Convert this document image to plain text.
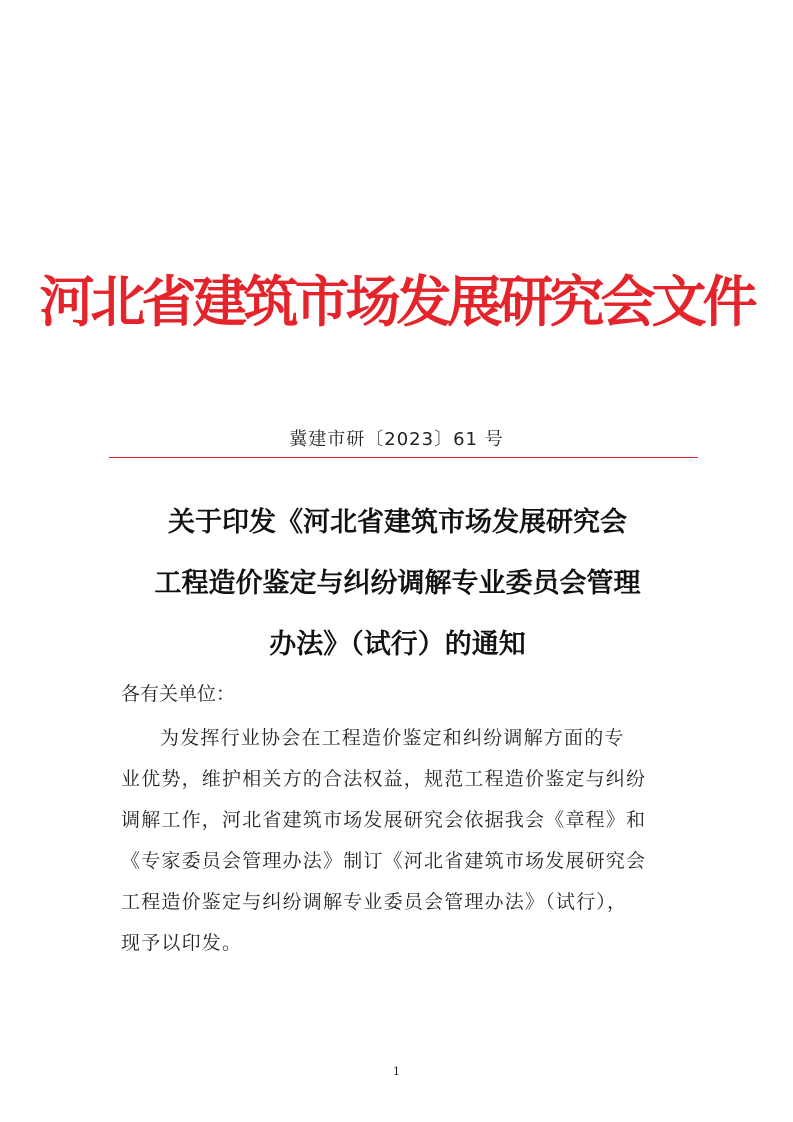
河北省建筑市场发展研究会文件
冀建市研〔2023〕61 号
关于印发《河北省建筑市场发展研究会
工程造价鉴定与纠纷调解专业委员会管理
办法》（试行）的通知
各有关单位：
为发挥行业协会在工程造价鉴定和纠纷调解方面的专
业优势，维护相关方的合法权益，规范工程造价鉴定与纠纷
调解工作，河北省建筑市场发展研究会依据我会《章程》和
《专家委员会管理办法》制订《河北省建筑市场发展研究会
工程造价鉴定与纠纷调解专业委员会管理办法》（试行），
现予以印发。
1
